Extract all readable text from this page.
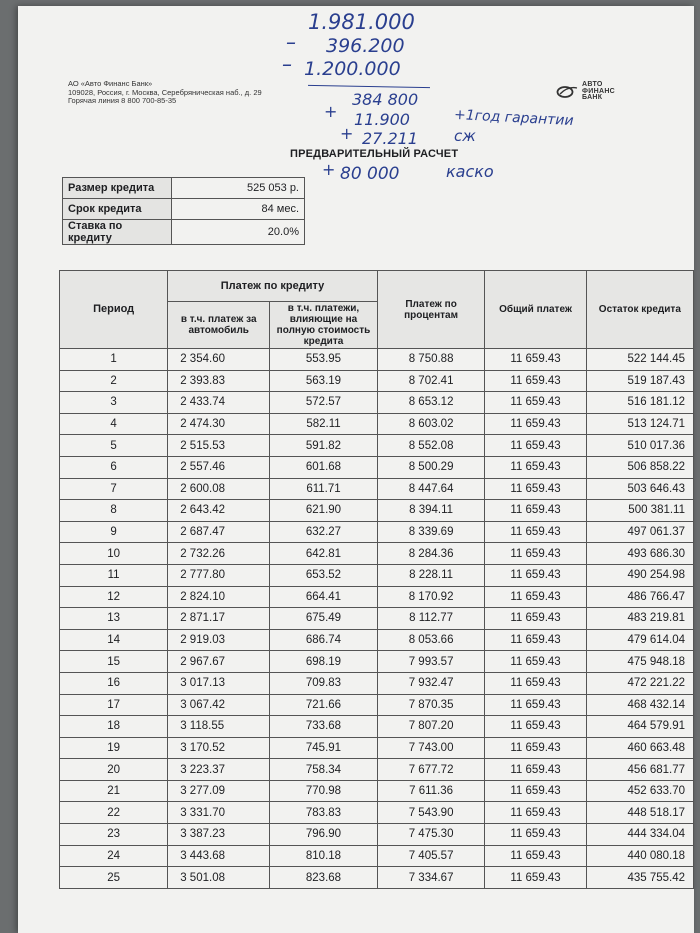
АО «Авто Финанс Банк»
109028, Россия, г. Москва, Серебряническая наб., д. 29
Горячая линия 8 800 700-85-35
АВТО
ФИНАНС
БАНК
1.981.000
– 396.200
– 1.200.000
384 800
+ 11.900	+1год гарантии
+ 27.211 сж
+ 80 000	каско
ПРЕДВАРИТЕЛЬНЫЙ РАСЧЕТ
Размер кредита	525 053 р.
Срок кредита	84 мес.
Ставка по кредиту	20.0%
Период	Платеж по кредиту		Платеж по процентам	Общий платеж	Остаток кредита
	в т.ч. платеж за автомобиль	в т.ч. платежи, влияющие на полную стоимость кредита			
1	2 354.60	553.95	8 750.88	11 659.43	522 144.45
2	2 393.83	563.19	8 702.41	11 659.43	519 187.43
3	2 433.74	572.57	8 653.12	11 659.43	516 181.12
4	2 474.30	582.11	8 603.02	11 659.43	513 124.71
5	2 515.53	591.82	8 552.08	11 659.43	510 017.36
6	2 557.46	601.68	8 500.29	11 659.43	506 858.22
7	2 600.08	611.71	8 447.64	11 659.43	503 646.43
8	2 643.42	621.90	8 394.11	11 659.43	500 381.11
9	2 687.47	632.27	8 339.69	11 659.43	497 061.37
10	2 732.26	642.81	8 284.36	11 659.43	493 686.30
11	2 777.80	653.52	8 228.11	11 659.43	490 254.98
12	2 824.10	664.41	8 170.92	11 659.43	486 766.47
13	2 871.17	675.49	8 112.77	11 659.43	483 219.81
14	2 919.03	686.74	8 053.66	11 659.43	479 614.04
15	2 967.67	698.19	7 993.57	11 659.43	475 948.18
16	3 017.13	709.83	7 932.47	11 659.43	472 221.22
17	3 067.42	721.66	7 870.35	11 659.43	468 432.14
18	3 118.55	733.68	7 807.20	11 659.43	464 579.91
19	3 170.52	745.91	7 743.00	11 659.43	460 663.48
20	3 223.37	758.34	7 677.72	11 659.43	456 681.77
21	3 277.09	770.98	7 611.36	11 659.43	452 633.70
22	3 331.70	783.83	7 543.90	11 659.43	448 518.17
23	3 387.23	796.90	7 475.30	11 659.43	444 334.04
24	3 443.68	810.18	7 405.57	11 659.43	440 080.18
25	3 501.08	823.68	7 334.67	11 659.43	435 755.42
